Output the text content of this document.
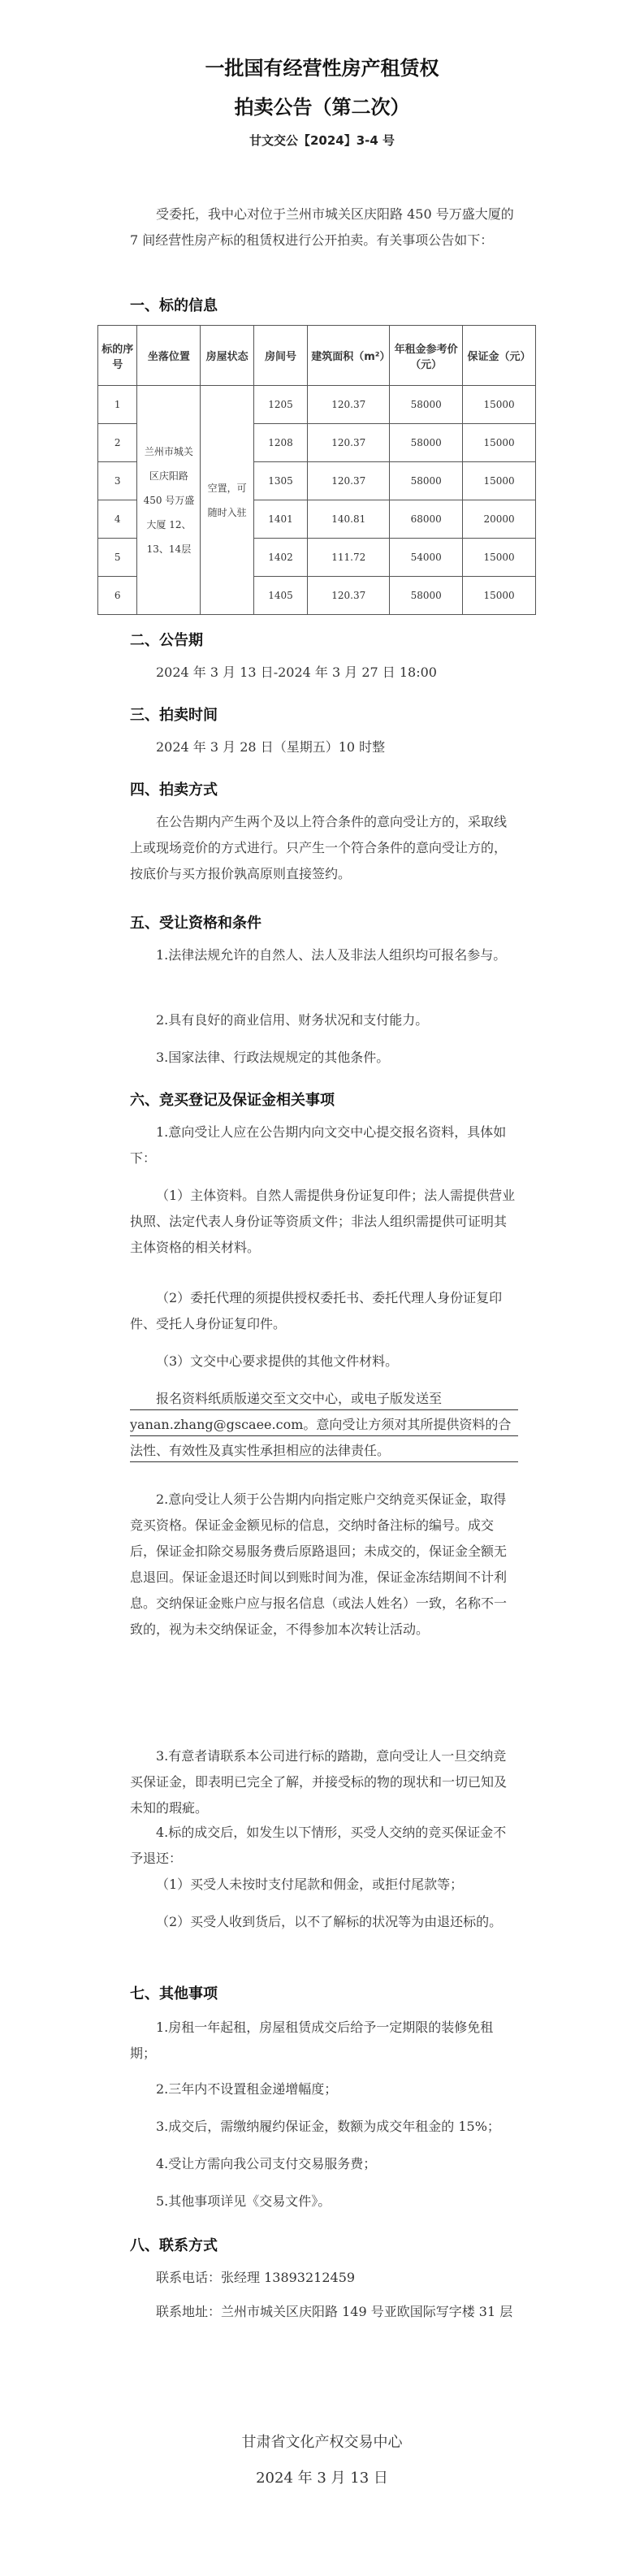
一批国有经营性房产租赁权
拍卖公告（第二次）
甘文交公【2024】3-4 号
受委托，我中心对位于兰州市城关区庆阳路 450 号万盛大厦的 7 间经营性房产标的租赁权进行公开拍卖。有关事项公告如下：
一、标的信息
标的序号	坐落位置	房屋状态	房间号	建筑面积（m²）	年租金参考价（元）	保证金（元）
1	兰州市城关区庆阳路 450 号万盛大厦 12、13、14层	空置，可随时入驻	1205	120.37	58000	15000
2			1208	120.37	58000	15000
3			1305	120.37	58000	15000
4			1401	140.81	68000	20000
5			1402	111.72	54000	15000
6			1405	120.37	58000	15000
二、公告期
2024 年 3 月 13 日-2024 年 3 月 27 日 18:00
三、拍卖时间
2024 年 3 月 28 日（星期五）10 时整
四、拍卖方式
在公告期内产生两个及以上符合条件的意向受让方的，采取线上或现场竞价的方式进行。只产生一个符合条件的意向受让方的，按底价与买方报价孰高原则直接签约。
五、受让资格和条件
1.法律法规允许的自然人、法人及非法人组织均可报名参与。
2.具有良好的商业信用、财务状况和支付能力。
3.国家法律、行政法规规定的其他条件。
六、竞买登记及保证金相关事项
1.意向受让人应在公告期内向文交中心提交报名资料，具体如下：
（1）主体资料。自然人需提供身份证复印件；法人需提供营业执照、法定代表人身份证等资质文件；非法人组织需提供可证明其主体资格的相关材料。
（2）委托代理的须提供授权委托书、委托代理人身份证复印件、受托人身份证复印件。
（3）文交中心要求提供的其他文件材料。
报名资料纸质版递交至文交中心，或电子版发送至yanan.zhang@gscaee.com。意向受让方须对其所提供资料的合法性、有效性及真实性承担相应的法律责任。
2.意向受让人须于公告期内向指定账户交纳竞买保证金，取得竞买资格。保证金金额见标的信息，交纳时备注标的编号。成交后，保证金扣除交易服务费后原路退回；未成交的，保证金全额无息退回。保证金退还时间以到账时间为准，保证金冻结期间不计利息。交纳保证金账户应与报名信息（或法人姓名）一致，名称不一致的，视为未交纳保证金，不得参加本次转让活动。
3.有意者请联系本公司进行标的踏勘，意向受让人一旦交纳竞买保证金，即表明已完全了解，并接受标的物的现状和一切已知及未知的瑕疵。
4.标的成交后，如发生以下情形，买受人交纳的竞买保证金不予退还：
（1）买受人未按时支付尾款和佣金，或拒付尾款等；
（2）买受人收到货后，以不了解标的状况等为由退还标的。
七、其他事项
1.房租一年起租，房屋租赁成交后给予一定期限的装修免租期；
2.三年内不设置租金递增幅度；
3.成交后，需缴纳履约保证金，数额为成交年租金的 15%；
4.受让方需向我公司支付交易服务费；
5.其他事项详见《交易文件》。
八、联系方式
联系电话：张经理 13893212459
联系地址：兰州市城关区庆阳路 149 号亚欧国际写字楼 31 层
甘肃省文化产权交易中心
2024 年 3 月 13 日
